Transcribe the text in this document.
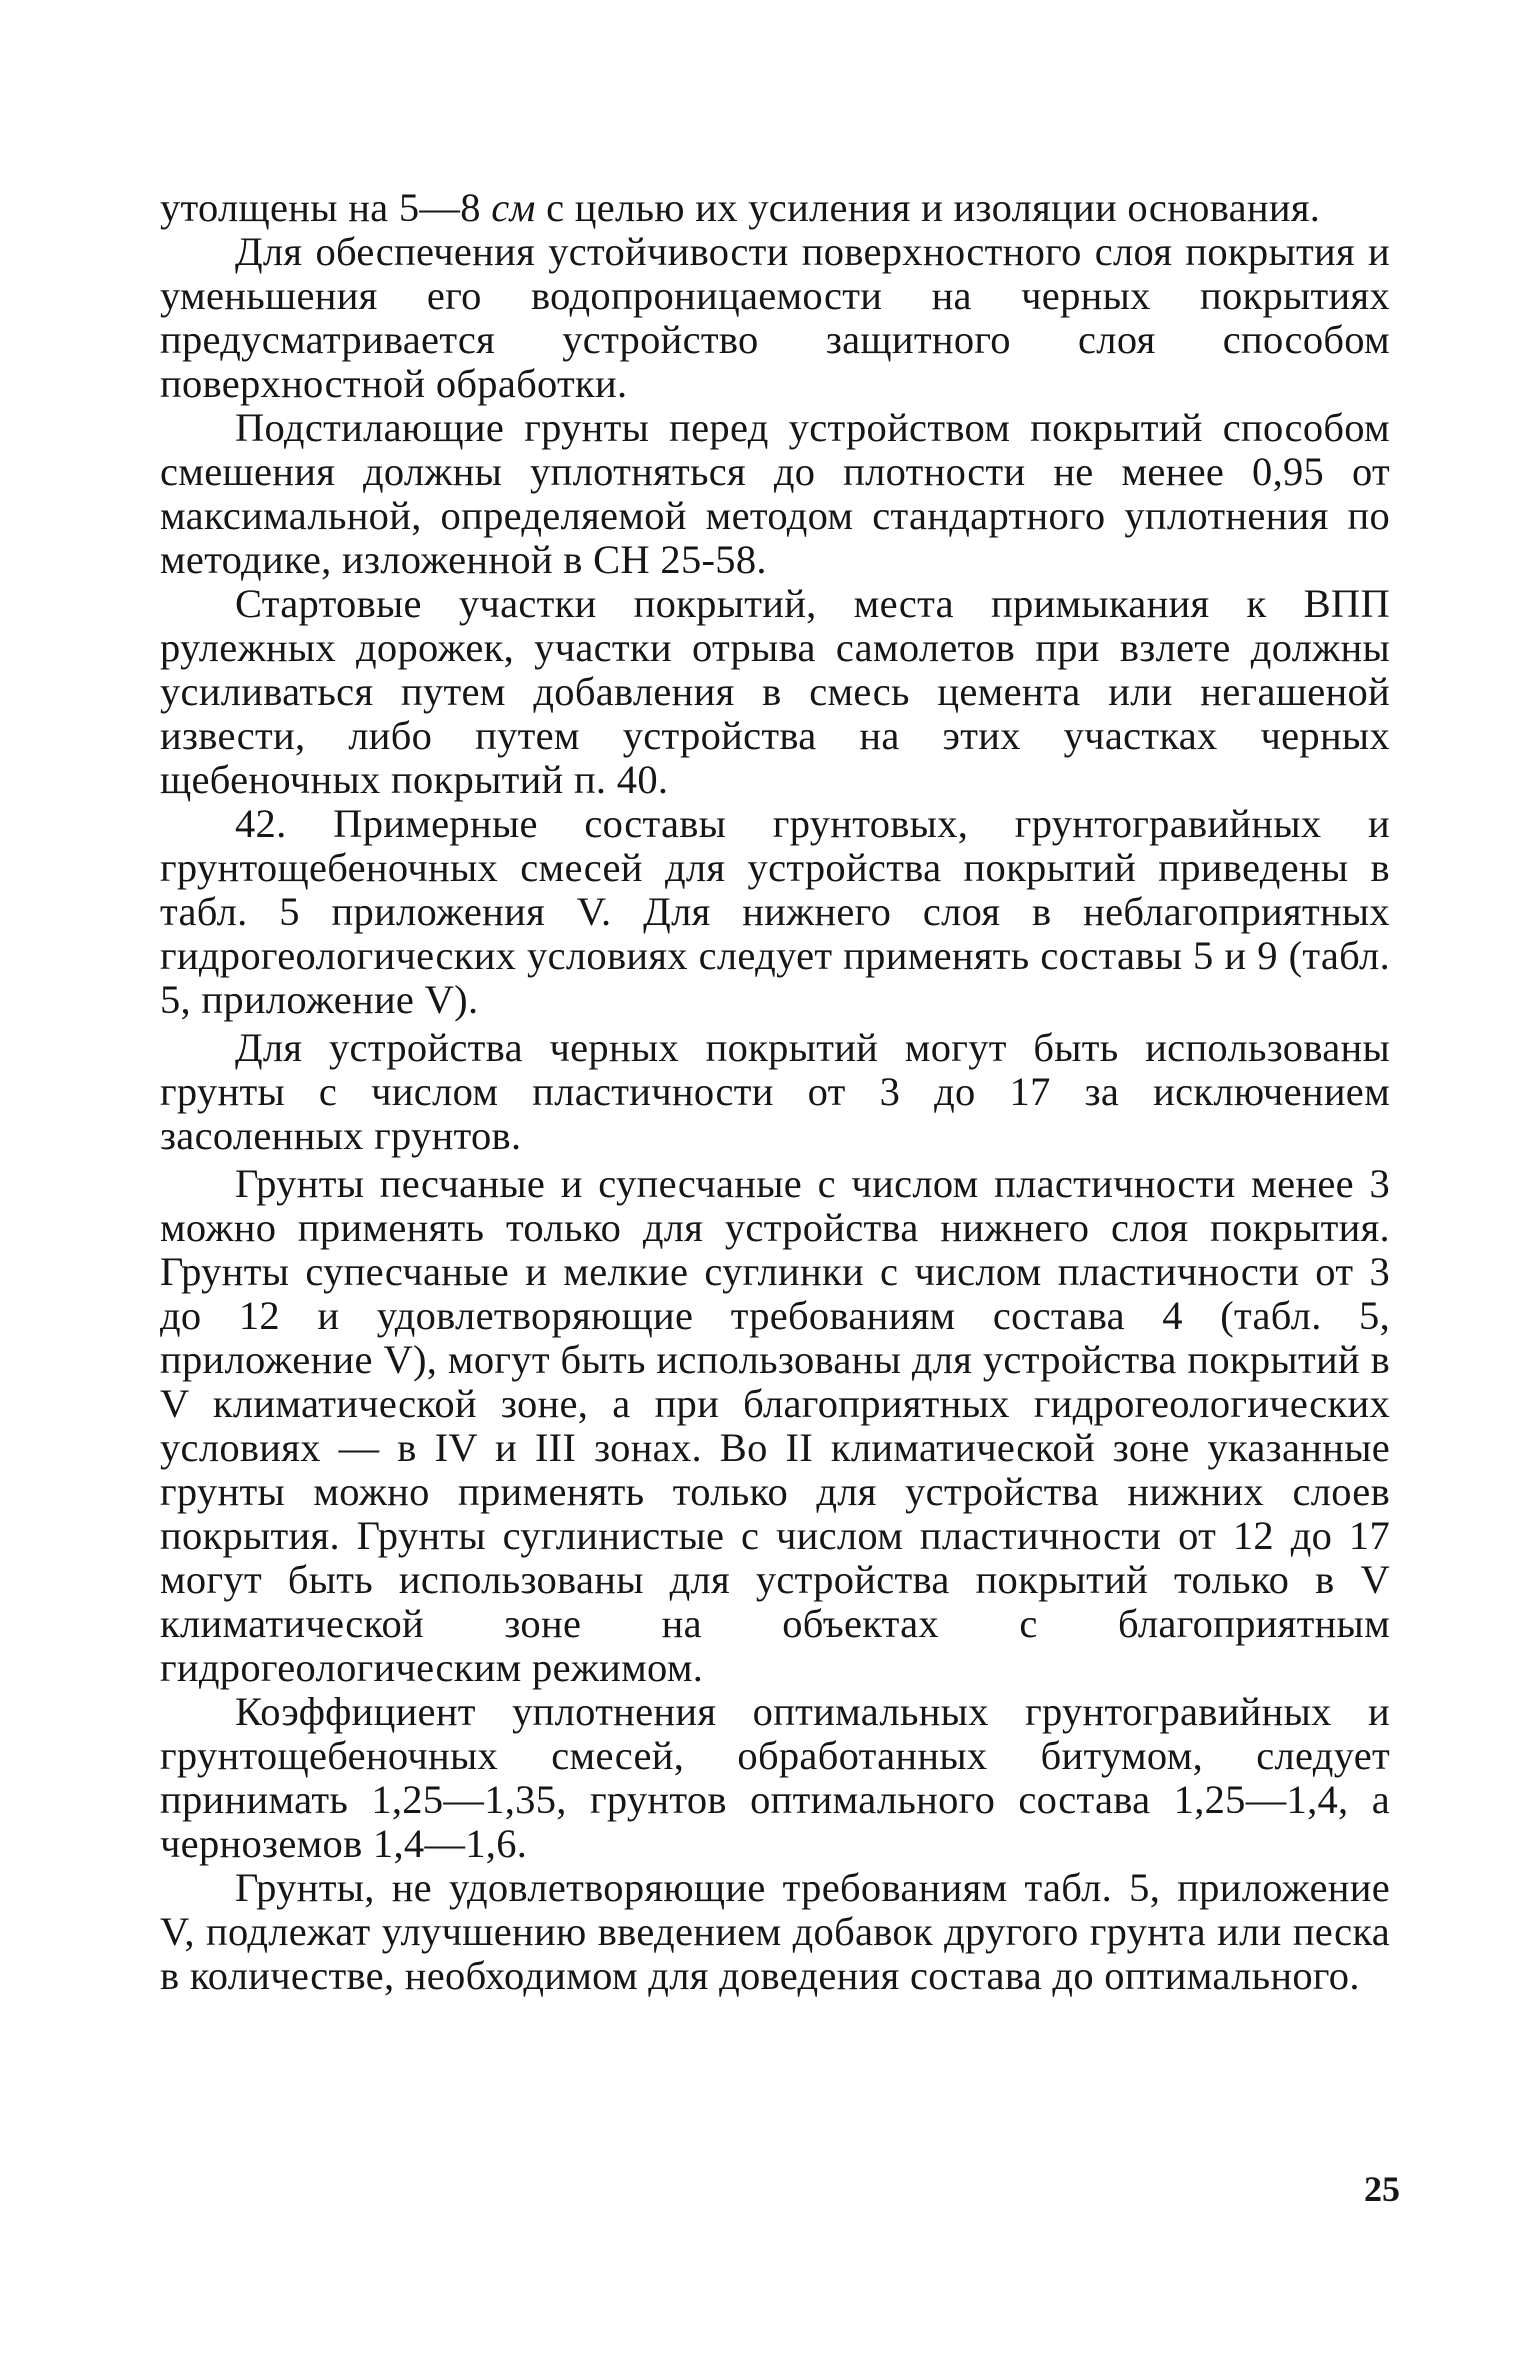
утолщены на 5—8 см с целью их усиления и изоляции основания.

Для обеспечения устойчивости поверхностного слоя покрытия и уменьшения его водопроницаемости на черных покрытиях предусматривается устройство защитного слоя способом поверхностной обработки.

Подстилающие грунты перед устройством покрытий способом смешения должны уплотняться до плотности не менее 0,95 от максимальной, определяемой методом стандартного уплотнения по методике, изложенной в СН 25-58.

Стартовые участки покрытий, места примыкания к ВПП рулежных дорожек, участки отрыва самолетов при взлете должны усиливаться путем добавления в смесь цемента или негашеной извести, либо путем устройства на этих участках черных щебеночных покрытий п. 40.

42. Примерные составы грунтовых, грунтогравийных и грунтощебеночных смесей для устройства покрытий приведены в табл. 5 приложения V. Для нижнего слоя в неблагоприятных гидрогеологических условиях следует применять составы 5 и 9 (табл. 5, приложение V).

Для устройства черных покрытий могут быть использованы грунты с числом пластичности от 3 до 17 за исключением засоленных грунтов.

Грунты песчаные и супесчаные с числом пластичности менее 3 можно применять только для устройства нижнего слоя покрытия. Грунты супесчаные и мелкие суглинки с числом пластичности от 3 до 12 и удовлетворяющие требованиям состава 4 (табл. 5, приложение V), могут быть использованы для устройства покрытий в V климатической зоне, а при благоприятных гидрогеологических условиях — в IV и III зонах. Во II климатической зоне указанные грунты можно применять только для устройства нижних слоев покрытия. Грунты суглинистые с числом пластичности от 12 до 17 могут быть использованы для устройства покрытий только в V климатической зоне на объектах с благоприятным гидрогеологическим режимом.

Коэффициент уплотнения оптимальных грунтогравийных и грунтощебеночных смесей, обработанных битумом, следует принимать 1,25—1,35, грунтов оптимального состава 1,25—1,4, а черноземов 1,4—1,6.

Грунты, не удовлетворяющие требованиям табл. 5, приложение V, подлежат улучшению введением добавок другого грунта или песка в количестве, необходимом для доведения состава до оптимального.

25
